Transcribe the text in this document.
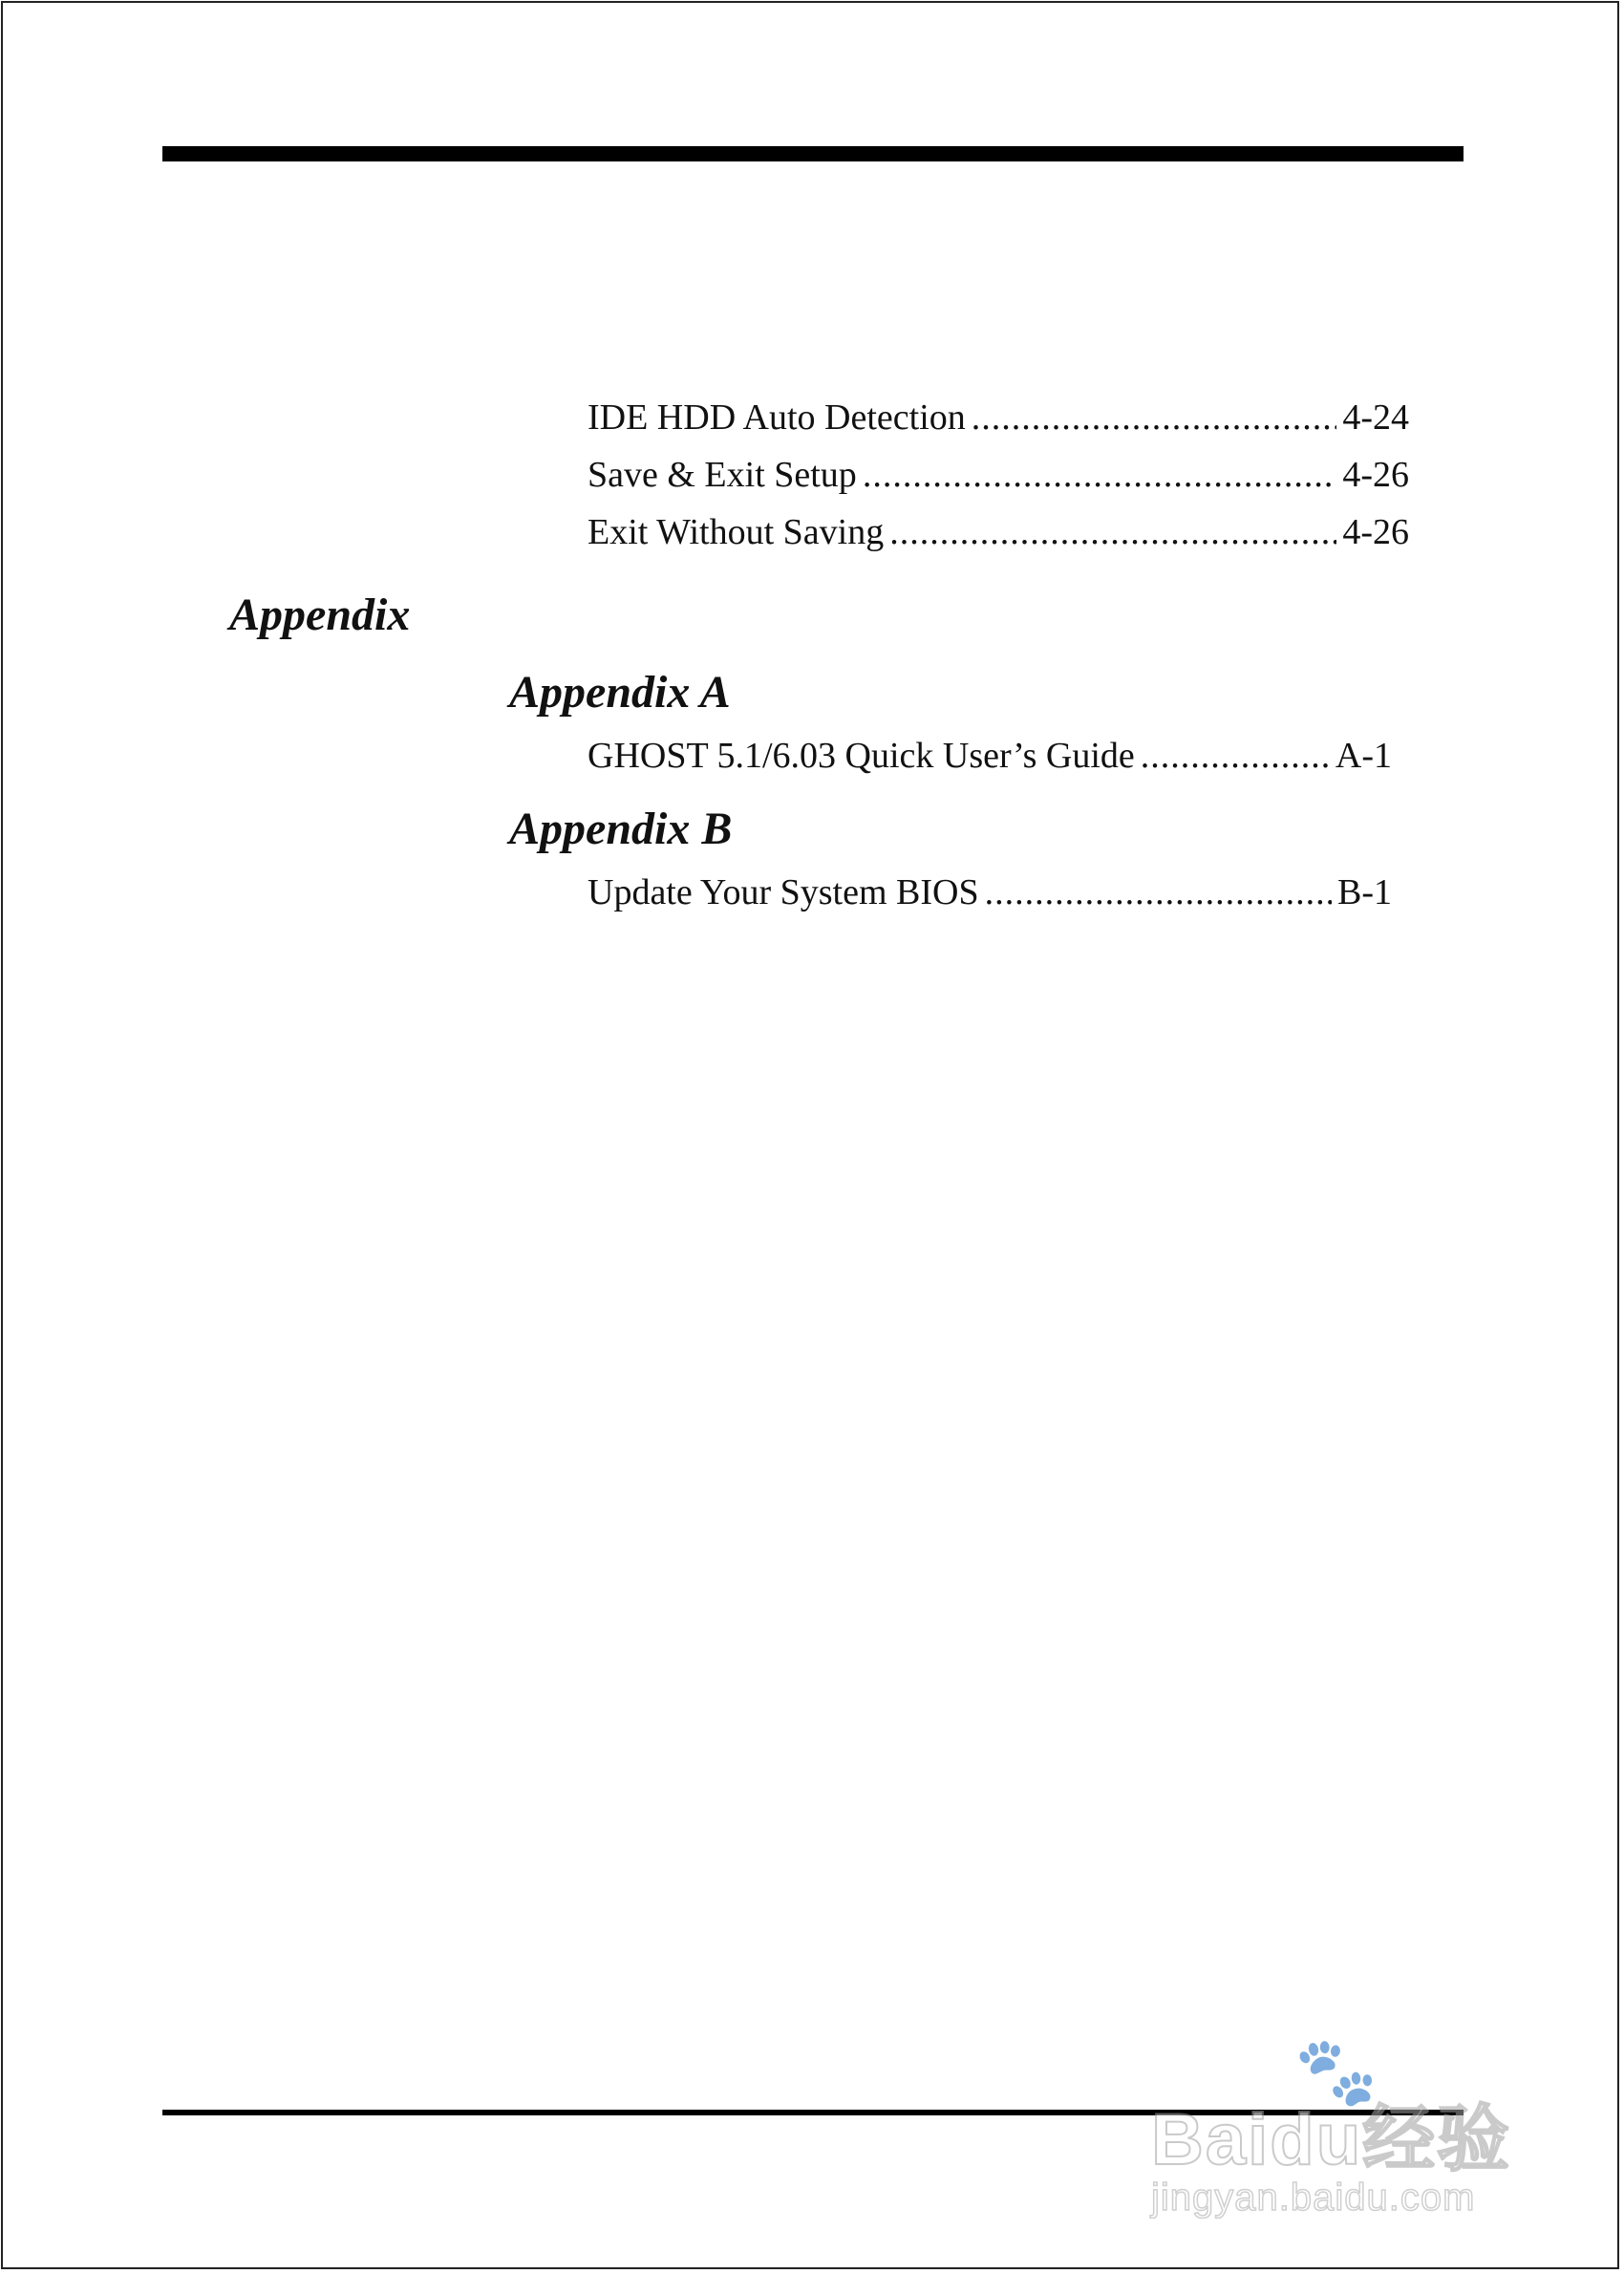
IDE HDD Auto Detection .....	4-24
Save & Exit Setup .....	4-26
Exit Without Saving .....	4-26
Appendix
Appendix A
GHOST 5.1/6.03 Quick User’s Guide .....	A-1
Appendix B
Update Your System BIOS .....	B-1
🐾
Baidu经验
jingyan.baidu.com
